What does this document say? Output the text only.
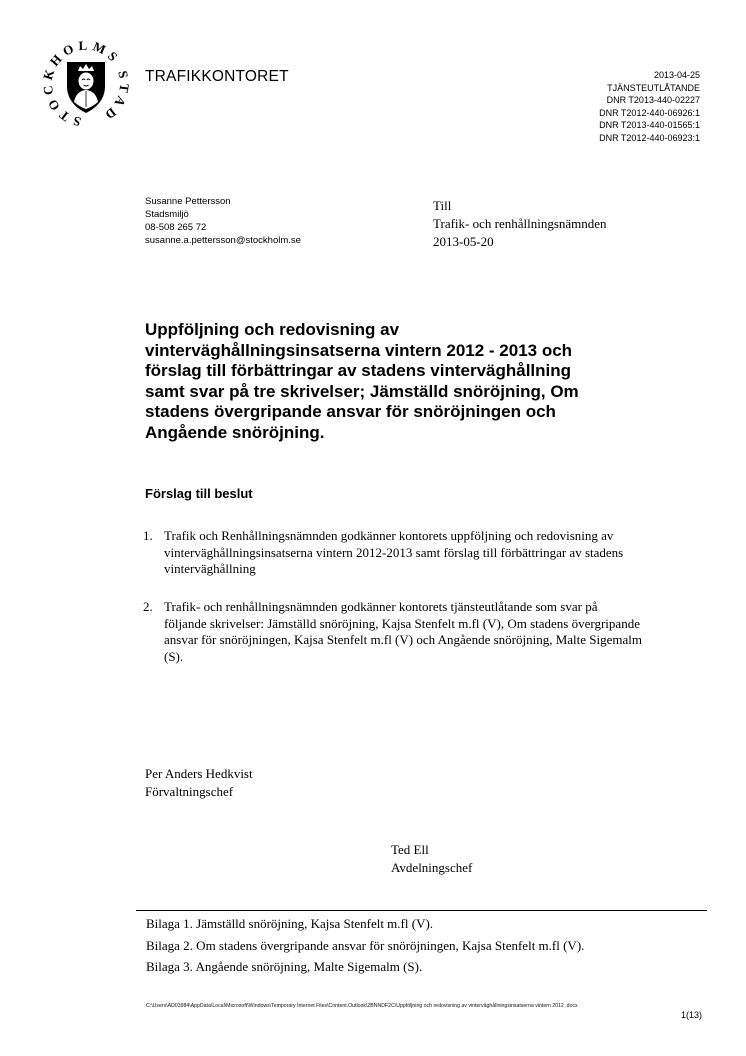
STOCKHOLMS STAD
TRAFIKKONTORET	2013-04-25
TJÄNSTEUTLÅTANDE
DNR T2013-440-02227
DNR T2012-440-06926:1
DNR T2013-440-01565:1
DNR T2012-440-06923:1
Susanne Pettersson
Stadsmiljö
08-508 265 72
susanne.a.pettersson@stockholm.se
Till
Trafik- och renhållningsnämnden
2013-05-20
Uppföljning och redovisning av vinterväghållningsinsatserna vintern 2012 - 2013 och förslag till förbättringar av stadens vinterväghållning samt svar på tre skrivelser; Jämställd snöröjning, Om stadens övergripande ansvar för snöröjningen och Angående snöröjning.
Förslag till beslut
1. Trafik och Renhållningsnämnden godkänner kontorets uppföljning och redovisning av vinterväghållningsinsatserna vintern 2012-2013 samt förslag till förbättringar av stadens vinterväghållning
2. Trafik- och renhållningsnämnden godkänner kontorets tjänsteutlåtande som svar på följande skrivelser: Jämställd snöröjning, Kajsa Stenfelt m.fl (V), Om stadens övergripande ansvar för snöröjningen, Kajsa Stenfelt m.fl (V) och Angående snöröjning, Malte Sigemalm (S).
Per Anders Hedkvist
Förvaltningschef
Ted Ell
Avdelningschef
Bilaga 1. Jämställd snöröjning, Kajsa Stenfelt m.fl (V).
Bilaga 2. Om stadens övergripande ansvar för snöröjningen, Kajsa Stenfelt m.fl (V).
Bilaga 3. Angående snöröjning, Malte Sigemalm (S).
C:\Users\AD03984\AppData\Local\Microsoft\Windows\Temporary Internet Files\Content.Outlook\2BNNDF2C\Uppföljning och redovisning av vinterväghållningsinsatserna vintern 2012 .docx
1(13)
